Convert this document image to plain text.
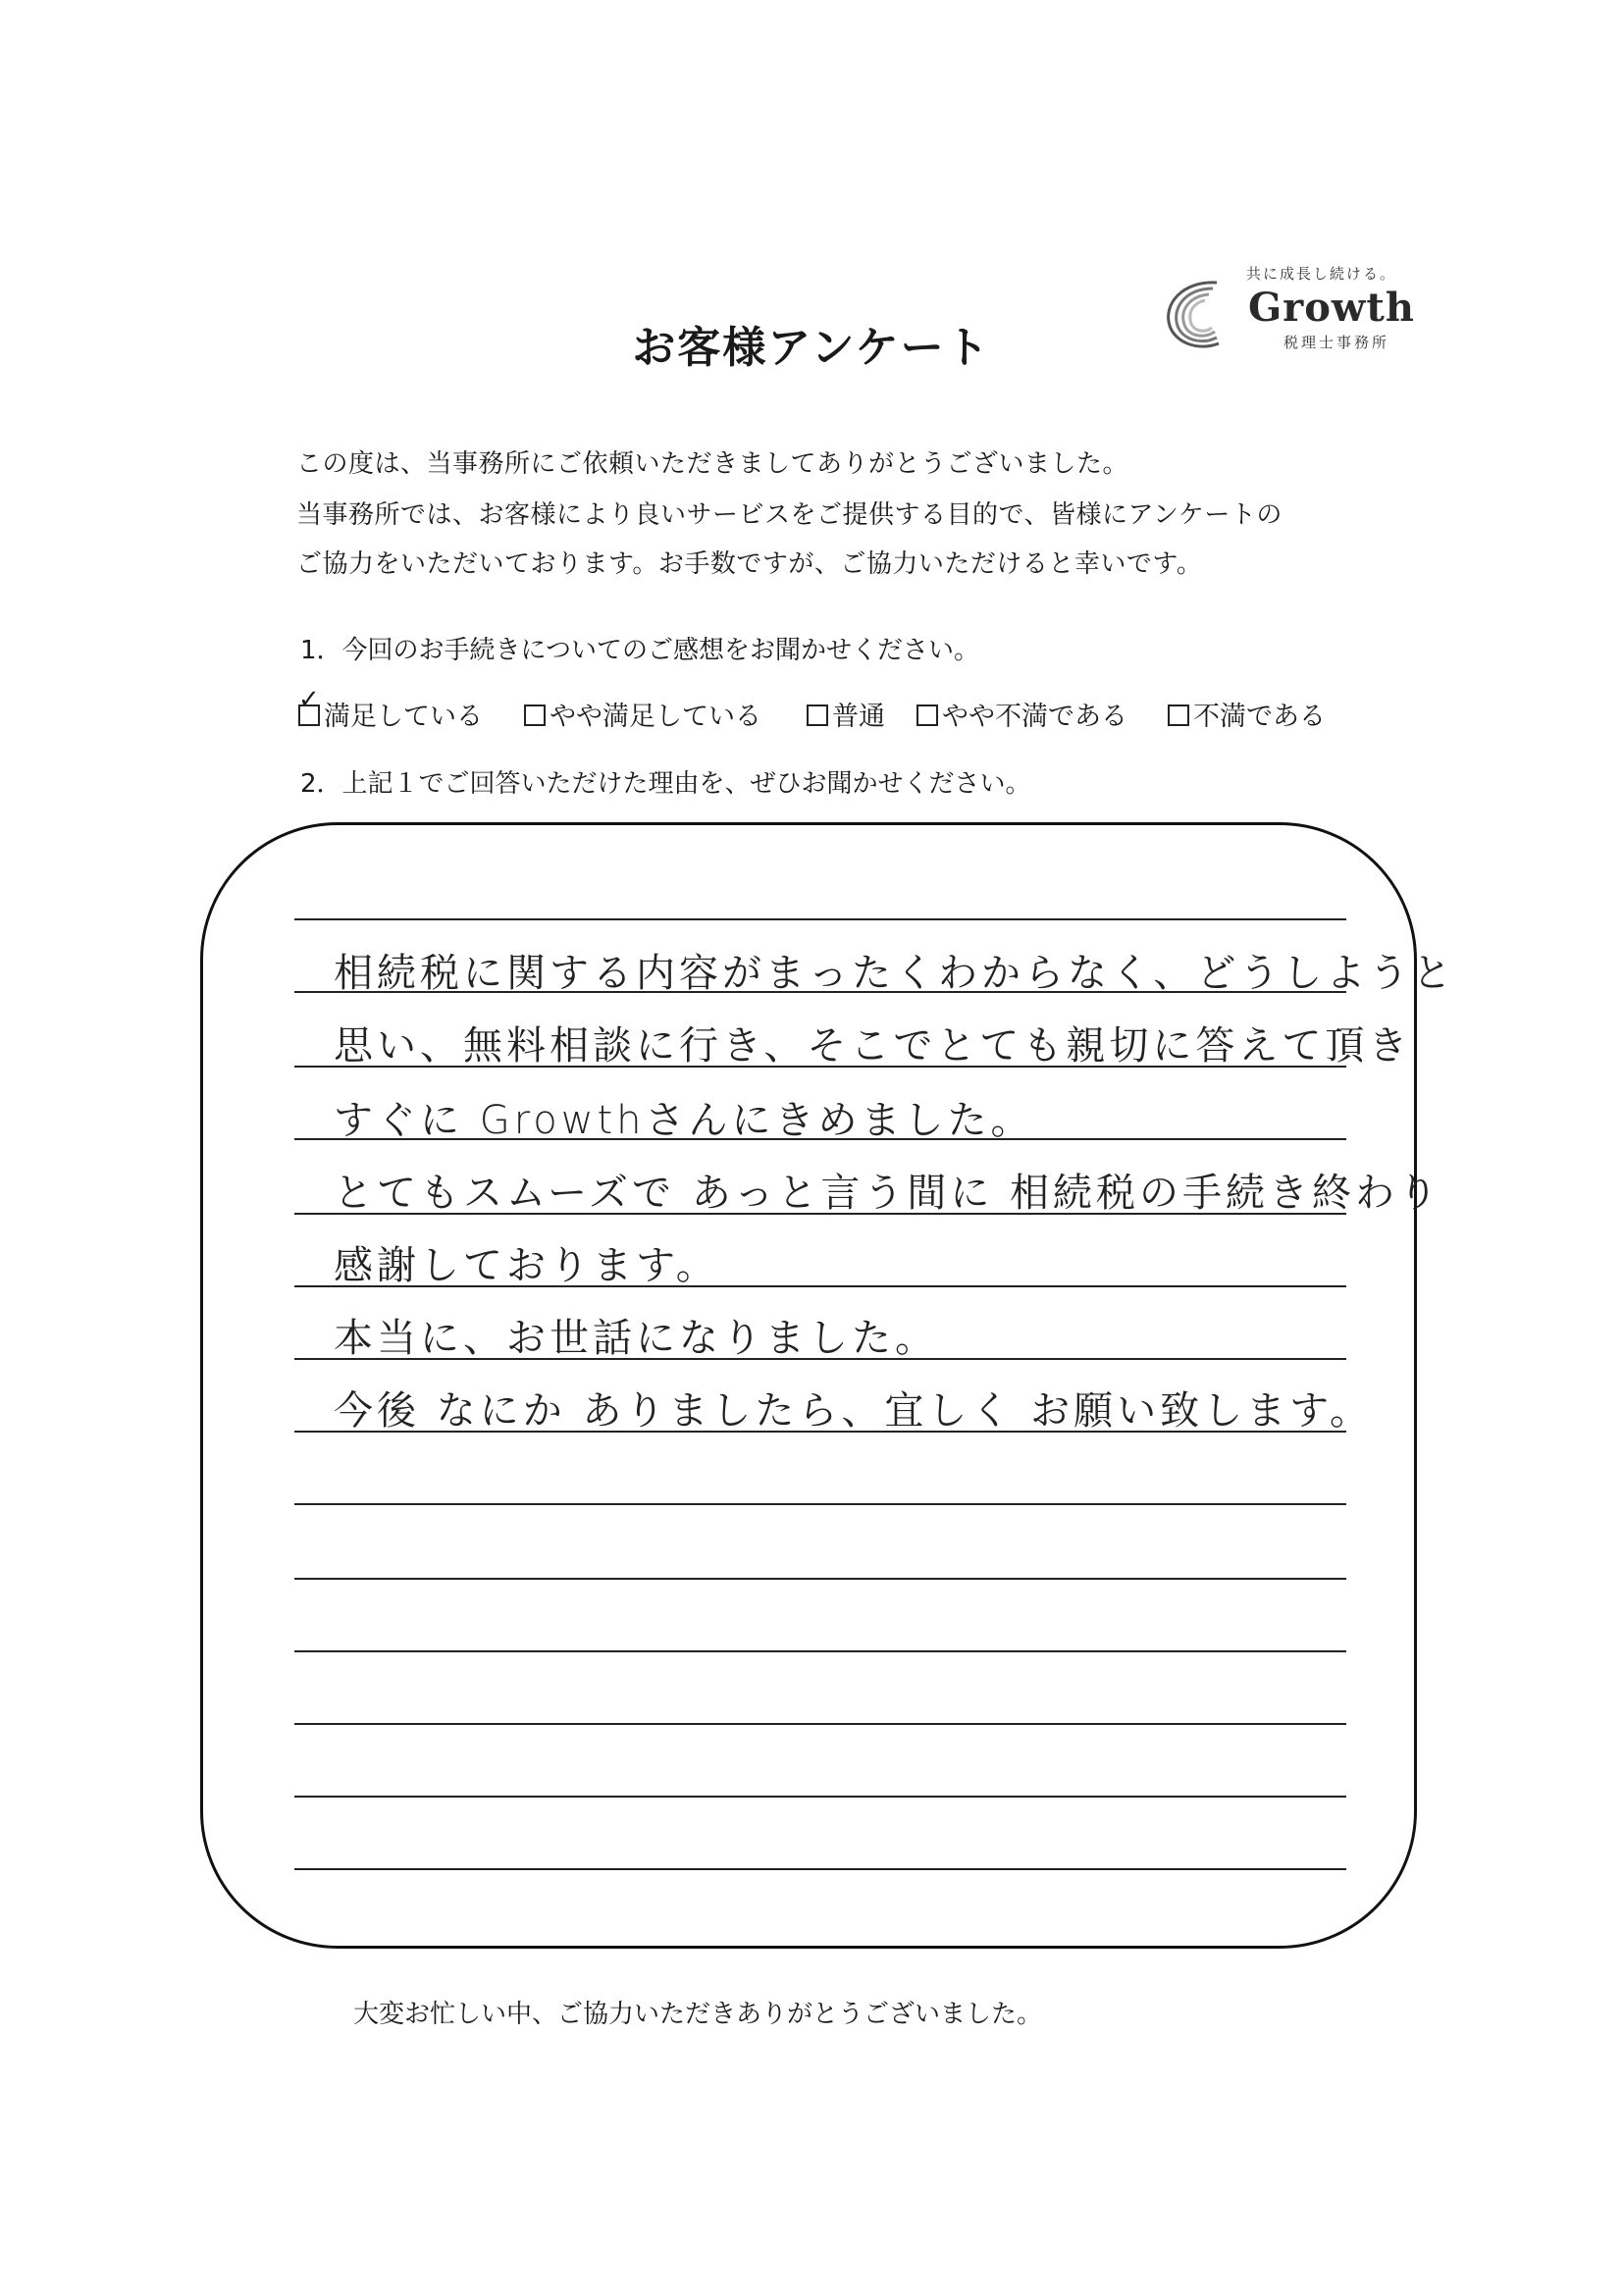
お客様アンケート
共に成長し続ける。
Growth
税理士事務所
この度は、当事務所にご依頼いただきましてありがとうございました。
当事務所では、お客様により良いサービスをご提供する目的で、皆様にアンケートの
ご協力をいただいております。お手数ですが、ご協力いただけると幸いです。
1．今回のお手続きについてのご感想をお聞かせください。
✓
満足している	やや満足している	普通	やや不満である	不満である
2．上記１でご回答いただけた理由を、ぜひお聞かせください。
相続税に関する内容がまったくわからなく、どうしようと
思い、無料相談に行き、そこでとても親切に答えて頂き
すぐに Growthさんにきめました。
とてもスムーズで あっと言う間に 相続税の手続き終わり
感謝しております。
本当に、お世話になりました。
今後 なにか ありましたら、宜しく お願い致します。
大変お忙しい中、ご協力いただきありがとうございました。
